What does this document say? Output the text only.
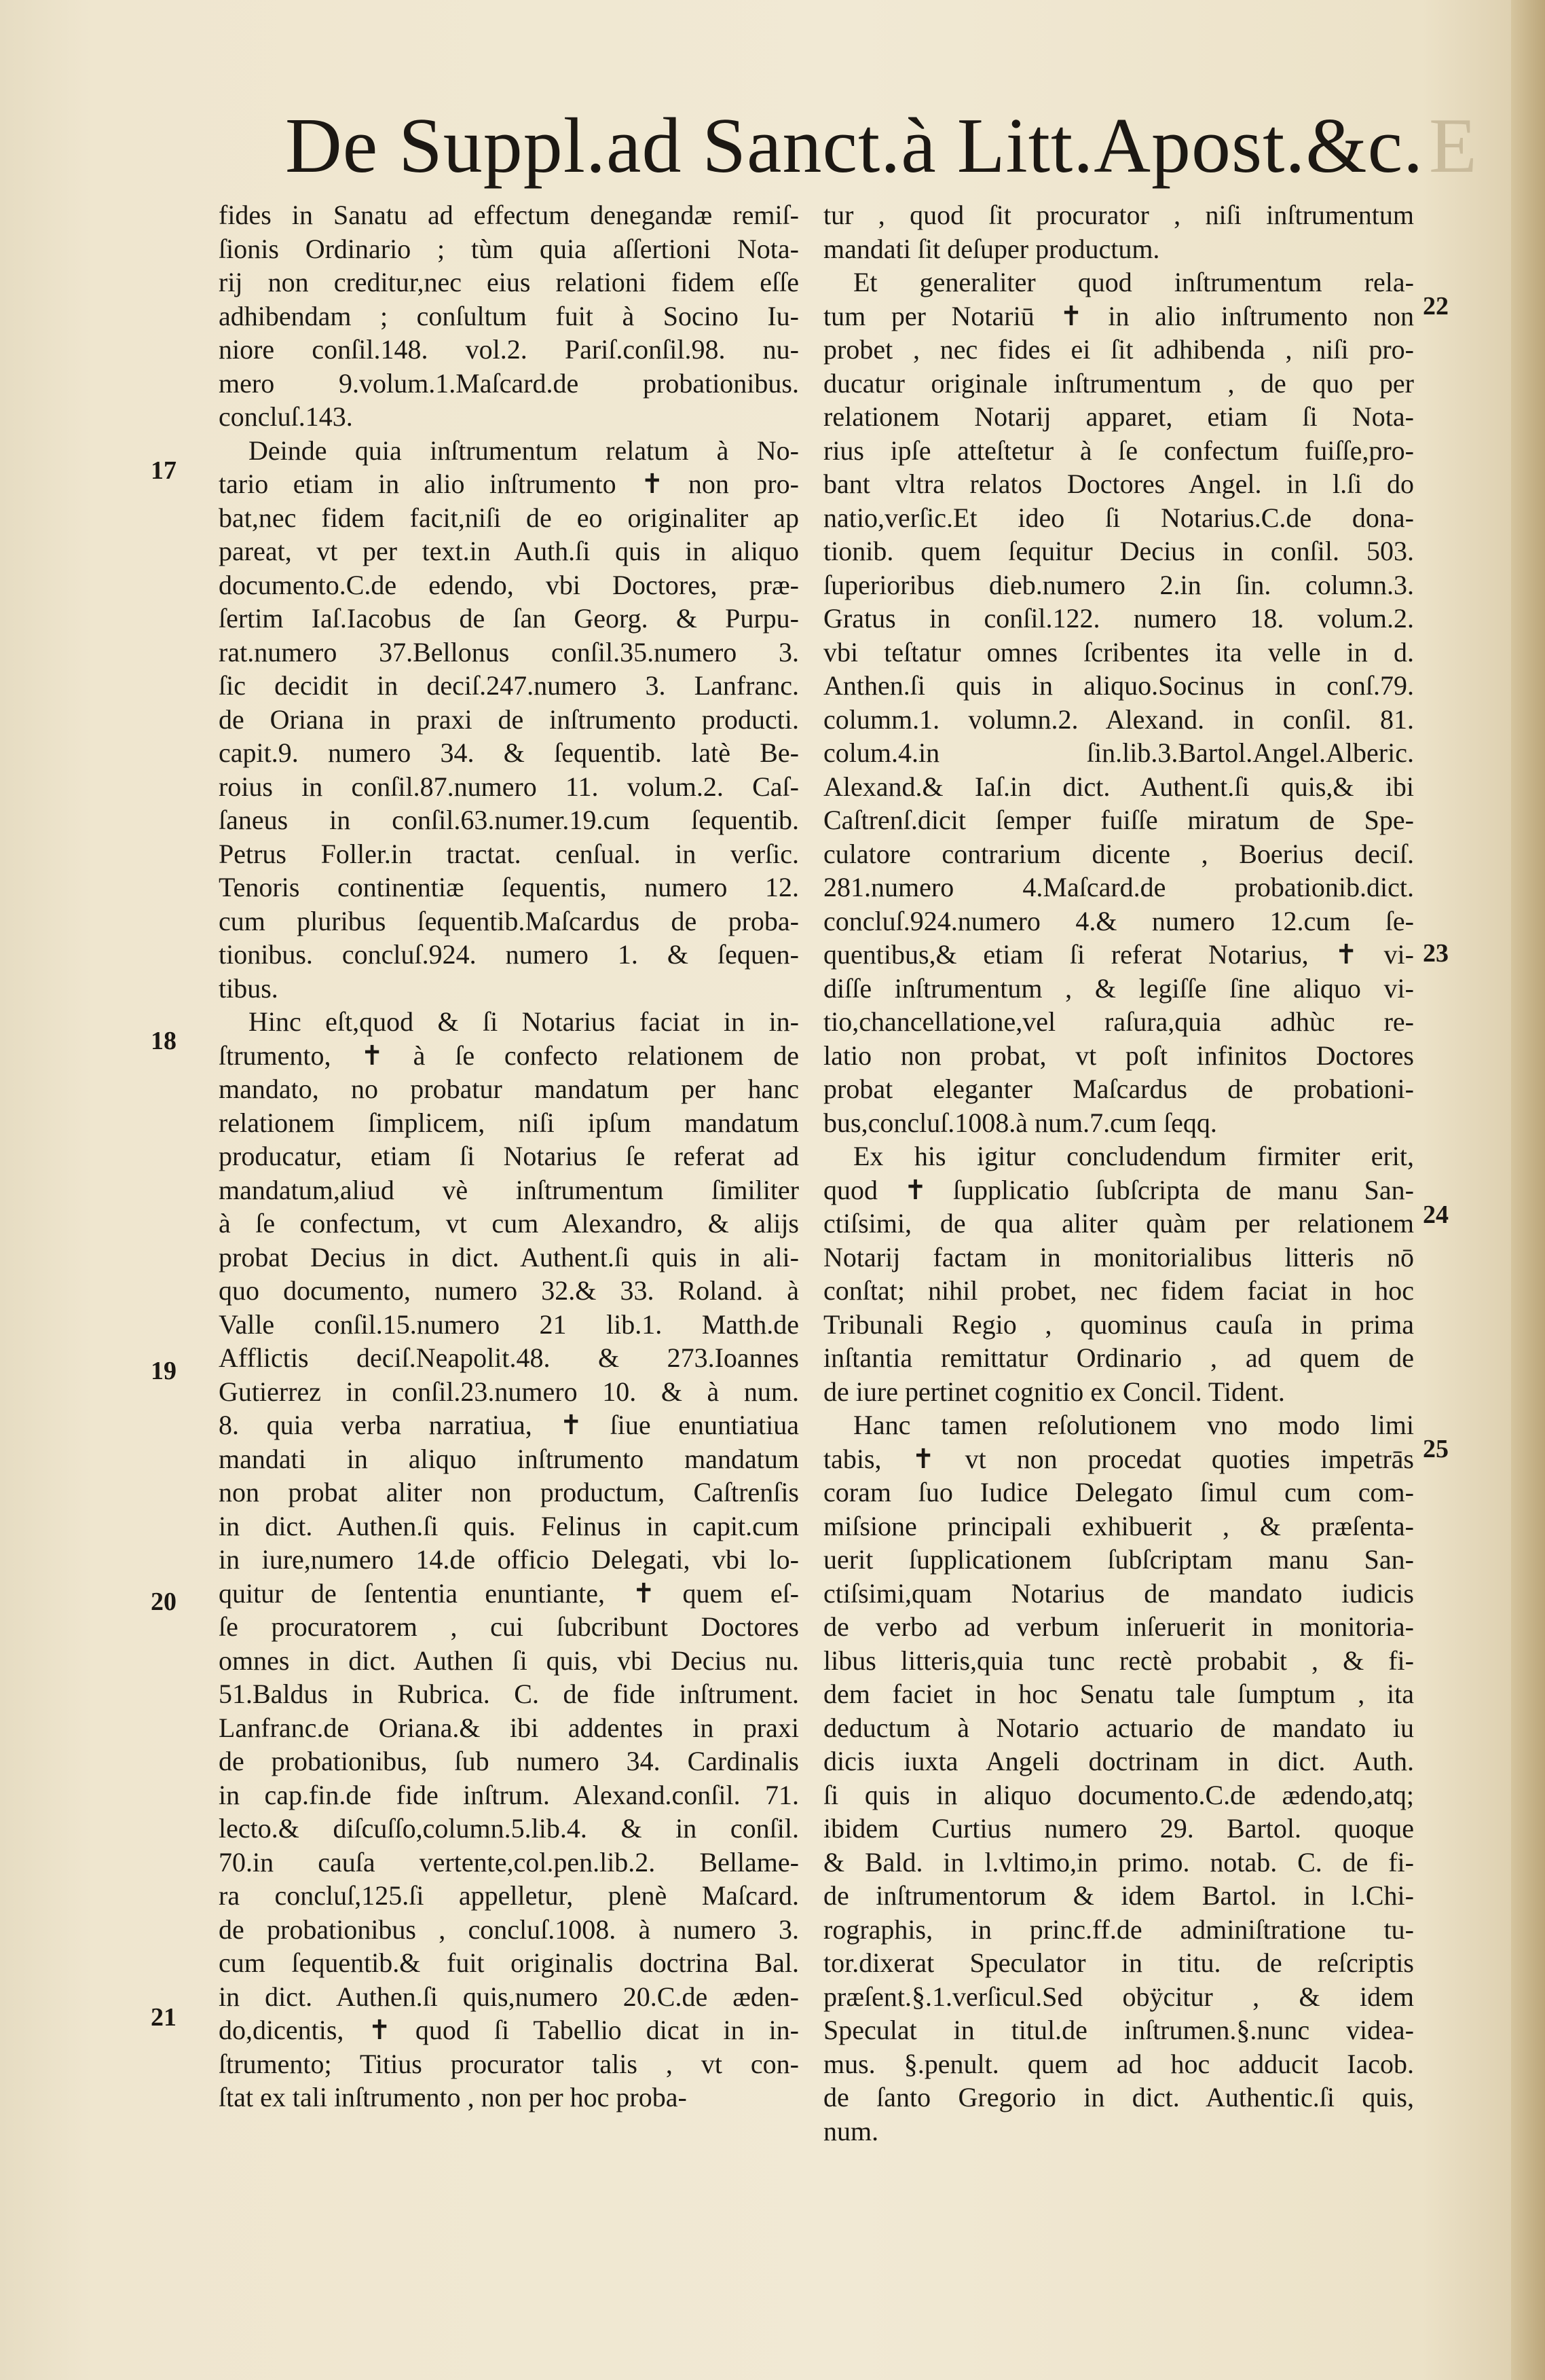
De Suppl.ad Sanct.à Litt.Apost.&c. E

fides in Sanatu ad effectum denegandæ remiſ-

ſionis Ordinario ; tùm quia aſſertioni Nota-

rij non creditur,nec eius relationi fidem eſſe

adhibendam ; conſultum fuit à Socino Iu-

niore conſil.148. vol.2. Pariſ.conſil.98. nu-

mero 9.volum.1.Maſcard.de probationibus.

concluſ.143.

Deinde quia inſtrumentum relatum à No-

tario etiam in alio inſtrumento ✝ non pro-

bat,nec fidem facit,niſi de eo originaliter ap

pareat, vt per text.in Auth.ſi quis in aliquo

documento.C.de edendo, vbi Doctores, præ-

ſertim Iaſ.Iacobus de ſan Georg. & Purpu-

rat.numero 37.Bellonus conſil.35.numero 3.

ſic decidit in deciſ.247.numero 3. Lanfranc.

de Oriana in praxi de inſtrumento producti.

capit.9. numero 34. & ſequentib. latè Be-

roius in conſil.87.numero 11. volum.2. Caſ-

ſaneus in conſil.63.numer.19.cum ſequentib.

Petrus Foller.in tractat. cenſual. in verſic.

Tenoris continentiæ ſequentis, numero 12.

cum pluribus ſequentib.Maſcardus de proba-

tionibus. concluſ.924. numero 1. & ſequen-

tibus.

Hinc eſt,quod & ſi Notarius faciat in in-

ſtrumento, ✝ à ſe confecto relationem de

mandato, no probatur mandatum per hanc

relationem ſimplicem, niſi ipſum mandatum

producatur, etiam ſi Notarius ſe referat ad

mandatum,aliud vè inſtrumentum ſimiliter

à ſe confectum, vt cum Alexandro, & alijs

probat Decius in dict. Authent.ſi quis in ali-

quo documento, numero 32.& 33. Roland. à

Valle conſil.15.numero 21 lib.1. Matth.de

Afflictis deciſ.Neapolit.48. & 273.Ioannes

Gutierrez in conſil.23.numero 10. & à num.

8. quia verba narratiua, ✝ ſiue enuntiatiua

mandati in aliquo inſtrumento mandatum

non probat aliter non productum, Caſtrenſis

in dict. Authen.ſi quis. Felinus in capit.cum

in iure,numero 14.de officio Delegati, vbi lo-

quitur de ſententia enuntiante, ✝ quem eſ-

ſe procuratorem , cui ſubcribunt Doctores

omnes in dict. Authen ſi quis, vbi Decius nu.

51.Baldus in Rubrica. C. de fide inſtrument.

Lanfranc.de Oriana.& ibi addentes in praxi

de probationibus, ſub numero 34. Cardinalis

in cap.fin.de fide inſtrum. Alexand.conſil. 71.

lecto.& diſcuſſo,column.5.lib.4. & in conſil.

70.in cauſa vertente,col.pen.lib.2. Bellame-

ra concluſ,125.ſi appelletur, plenè Maſcard.

de probationibus , concluſ.1008. à numero 3.

cum ſequentib.& fuit originalis doctrina Bal.

in dict. Authen.ſi quis,numero 20.C.de æden-

do,dicentis, ✝ quod ſi Tabellio dicat in in-

ſtrumento; Titius procurator talis , vt con-

ſtat ex tali inſtrumento , non per hoc proba-

tur , quod ſit procurator , niſi inſtrumentum

mandati ſit deſuper productum.

Et generaliter quod inſtrumentum rela-

tum per Notariū ✝ in alio inſtrumento non

probet , nec fides ei ſit adhibenda , niſi pro-

ducatur originale inſtrumentum , de quo per

relationem Notarij apparet, etiam ſi Nota-

rius ipſe atteſtetur à ſe confectum fuiſſe,pro-

bant vltra relatos Doctores Angel. in l.ſi do

natio,verſic.Et ideo ſi Notarius.C.de dona-

tionib. quem ſequitur Decius in conſil. 503.

ſuperioribus dieb.numero 2.in ſin. column.3.

Gratus in conſil.122. numero 18. volum.2.

vbi teſtatur omnes ſcribentes ita velle in d.

Anthen.ſi quis in aliquo.Socinus in conſ.79.

columm.1. volumn.2. Alexand. in conſil. 81.

colum.4.in ſin.lib.3.Bartol.Angel.Alberic.

Alexand.& Iaſ.in dict. Authent.ſi quis,& ibi

Caſtrenſ.dicit ſemper fuiſſe miratum de Spe-

culatore contrarium dicente , Boerius deciſ.

281.numero 4.Maſcard.de probationib.dict.

concluſ.924.numero 4.& numero 12.cum ſe-

quentibus,& etiam ſi referat Notarius, ✝ vi-

diſſe inſtrumentum , & legiſſe ſine aliquo vi-

tio,chancellatione,vel raſura,quia adhùc re-

latio non probat, vt poſt infinitos Doctores

probat eleganter Maſcardus de probationi-

bus,concluſ.1008.à num.7.cum ſeqq.

Ex his igitur concludendum firmiter erit,

quod ✝ ſupplicatio ſubſcripta de manu San-

ctiſsimi, de qua aliter quàm per relationem

Notarij factam in monitorialibus litteris nō

conſtat; nihil probet, nec fidem faciat in hoc

Tribunali Regio , quominus cauſa in prima

inſtantia remittatur Ordinario , ad quem de

de iure pertinet cognitio ex Concil. Tident.

Hanc tamen reſolutionem vno modo limi

tabis, ✝ vt non procedat quoties impetrās

coram ſuo Iudice Delegato ſimul cum com-

miſsione principali exhibuerit , & præſenta-

uerit ſupplicationem ſubſcriptam manu San-

ctiſsimi,quam Notarius de mandato iudicis

de verbo ad verbum inſeruerit in monitoria-

libus litteris,quia tunc rectè probabit , & fi-

dem faciet in hoc Senatu tale ſumptum , ita

deductum à Notario actuario de mandato iu

dicis iuxta Angeli doctrinam in dict. Auth.

ſi quis in aliquo documento.C.de ædendo,atq;

ibidem Curtius numero 29. Bartol. quoque

& Bald. in l.vltimo,in primo. notab. C. de fi-

de inſtrumentorum & idem Bartol. in l.Chi-

rographis, in princ.ff.de adminiſtratione tu-

tor.dixerat Speculator in titu. de reſcriptis

præſent.§.1.verſicul.Sed obÿcitur , & idem

Speculat in titul.de inſtrumen.§.nunc videa-

mus. §.penult. quem ad hoc adducit Iacob.

de ſanto Gregorio in dict. Authentic.ſi quis,

num.

17
18
19
20
21
22
23
24
25
